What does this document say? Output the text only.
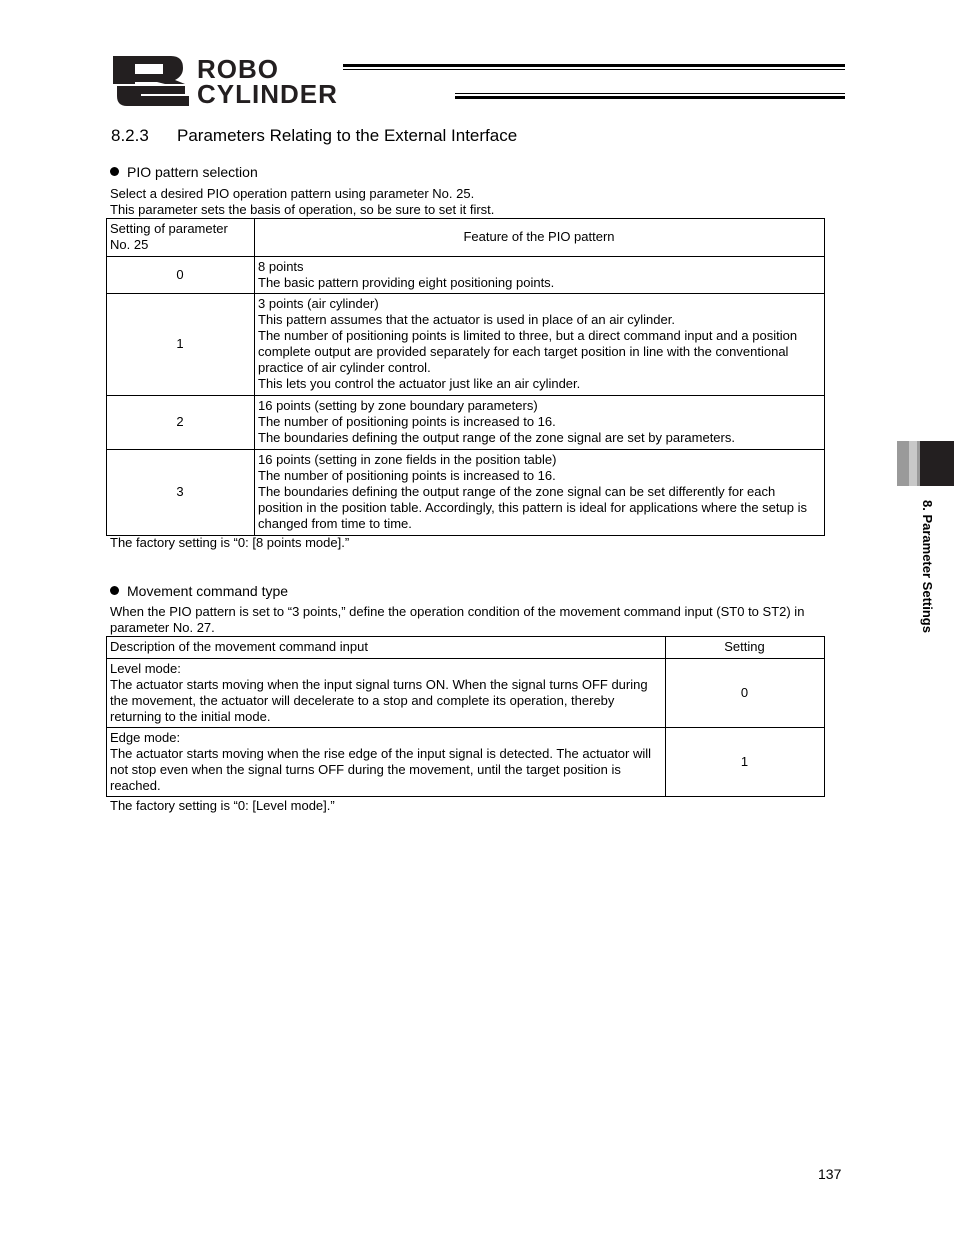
ROBO
CYLINDER
8.2.3 Parameters Relating to the External Interface
PIO pattern selection
Select a desired PIO operation pattern using parameter No. 25.
This parameter sets the basis of operation, so be sure to set it first.
Setting of parameter No. 25	Feature of the PIO pattern
0	8 points
The basic pattern providing eight positioning points.

1	3 points (air cylinder)
This pattern assumes that the actuator is used in place of an air cylinder.
The number of positioning points is limited to three, but a direct command input and a position complete output are provided separately for each target position in line with the conventional practice of air cylinder control.
This lets you control the actuator just like an air cylinder.

2	16 points (setting by zone boundary parameters)
The number of positioning points is increased to 16.
The boundaries defining the output range of the zone signal are set by parameters.

3	16 points (setting in zone fields in the position table)
The number of positioning points is increased to 16.
The boundaries defining the output range of the zone signal can be set differently for each position in the position table. Accordingly, this pattern is ideal for applications where the setup is changed from time to time.
The factory setting is “0: [8 points mode].”
Movement command type
When the PIO pattern is set to “3 points,” define the operation condition of the movement command input (ST0 to ST2) in parameter No. 27.
Description of the movement command input	Setting

Level mode:
The actuator starts moving when the input signal turns ON. When the signal turns OFF during the movement, the actuator will decelerate to a stop and complete its operation, thereby returning to the initial mode.	0

Edge mode:
The actuator starts moving when the rise edge of the input signal is detected. The actuator will not stop even when the signal turns OFF during the movement, until the target position is reached.	1
The factory setting is “0: [Level mode].”
8. Parameter Settings
137
